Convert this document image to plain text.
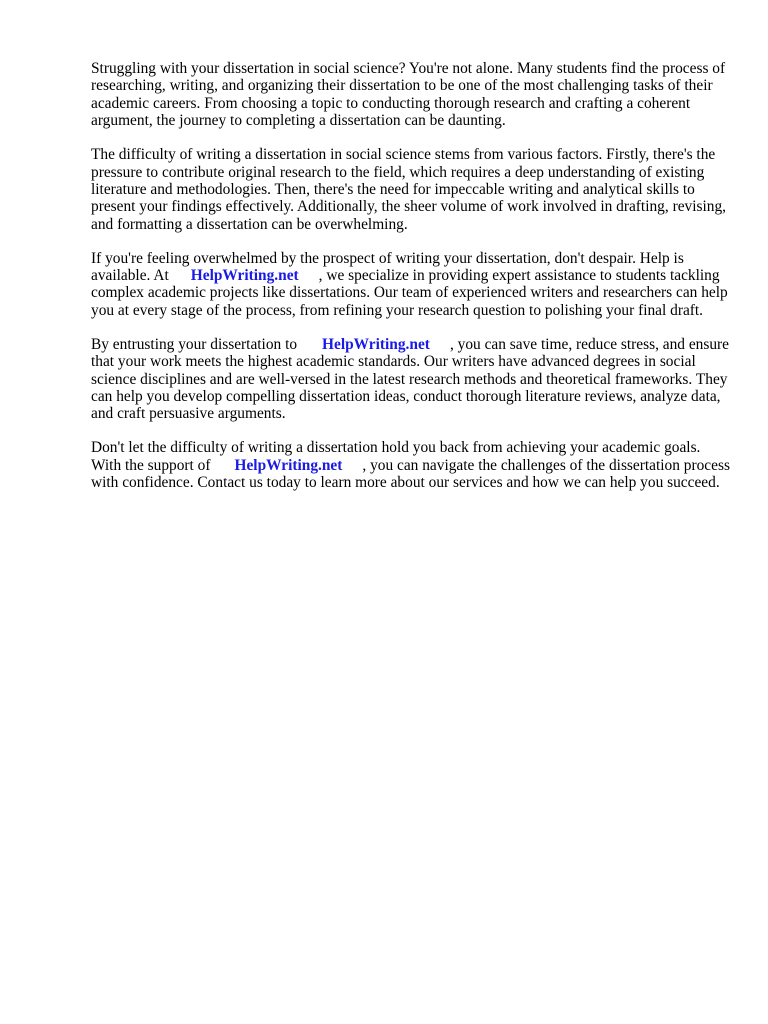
Struggling with your dissertation in social science? You're not alone. Many students find the process of researching, writing, and organizing their dissertation to be one of the most challenging tasks of their academic careers. From choosing a topic to conducting thorough research and crafting a coherent argument, the journey to completing a dissertation can be daunting.

The difficulty of writing a dissertation in social science stems from various factors. Firstly, there's the pressure to contribute original research to the field, which requires a deep understanding of existing literature and methodologies. Then, there's the need for impeccable writing and analytical skills to present your findings effectively. Additionally, the sheer volume of work involved in drafting, revising, and formatting a dissertation can be overwhelming.

If you're feeling overwhelmed by the prospect of writing your dissertation, don't despair. Help is available. At HelpWriting.net , we specialize in providing expert assistance to students tackling complex academic projects like dissertations. Our team of experienced writers and researchers can help you at every stage of the process, from refining your research question to polishing your final draft.

By entrusting your dissertation to HelpWriting.net , you can save time, reduce stress, and ensure that your work meets the highest academic standards. Our writers have advanced degrees in social science disciplines and are well-versed in the latest research methods and theoretical frameworks. They can help you develop compelling dissertation ideas, conduct thorough literature reviews, analyze data, and craft persuasive arguments.

Don't let the difficulty of writing a dissertation hold you back from achieving your academic goals. With the support of HelpWriting.net , you can navigate the challenges of the dissertation process with confidence. Contact us today to learn more about our services and how we can help you succeed.
